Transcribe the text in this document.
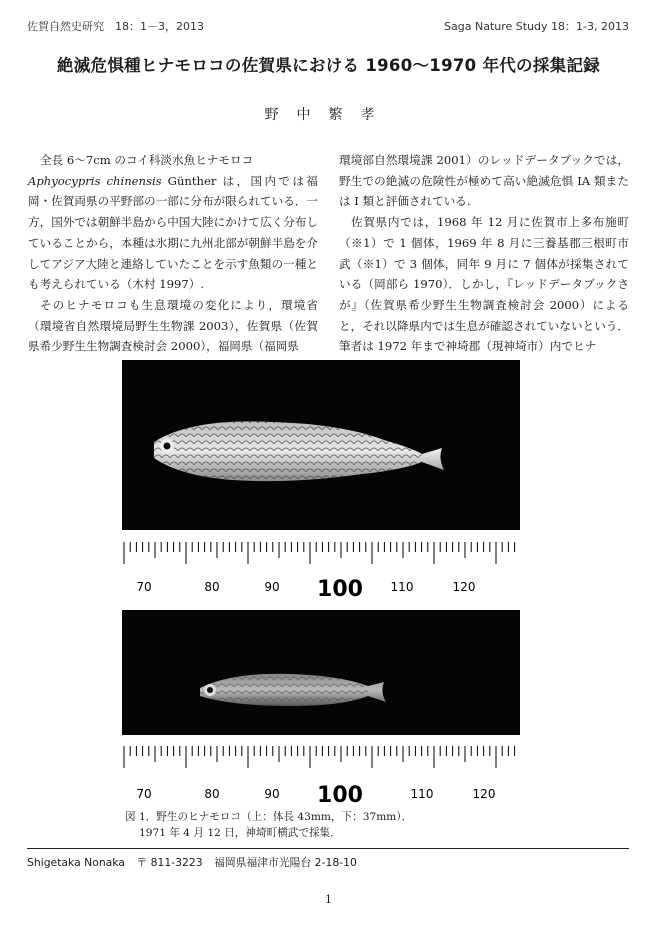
佐賀自然史研究　18：1－3，2013	Saga Nature Study 18：1-3, 2013
絶滅危惧種ヒナモロコの佐賀県における 1960～1970 年代の採集記録
野中繁孝

全長 6～7cm のコイ科淡水魚ヒナモロコ
Aphyocypris chinensis Günther は，国内では福岡・佐賀両県の平野部の一部に分布が限られている．一方，国外では朝鮮半島から中国大陸にかけて広く分布していることから，本種は氷期に九州北部が朝鮮半島を介してアジア大陸と連絡していたことを示す魚類の一種とも考えられている（木村 1997）.

そのヒナモロコも生息環境の変化により，環境省（環境省自然環境局野生生物課 2003），佐賀県（佐賀県希少野生生物調査検討会 2000），福岡県（福岡県

環境部自然環境課 2001）のレッドデータブックでは，野生での絶滅の危険性が極めて高い絶滅危惧 IA 類または I 類と評価されている.

佐賀県内では，1968 年 12 月に佐賀市上多布施町（※1）で 1 個体，1969 年 8 月に三養基郡三根町市武（※1）で 3 個体，同年 9 月に 7 個体が採集されている（岡部ら 1970）．しかし，『レッドデータブックさが』（佐賀県希少野生生物調査検討会 2000）によると，それ以降県内では生息が確認されていないという．筆者は 1972 年まで神埼郡（現神埼市）内でヒナ

70	80	90 100 110	120
70	80	90 100	110	120
図 1．野生のヒナモロコ（上：体長 43mm，下：37mm）．
1971 年 4 月 12 日，神埼町横武で採集．
Shigetaka Nonaka 〒 811-3223 福岡県福津市光陽台 2-18-10
1
